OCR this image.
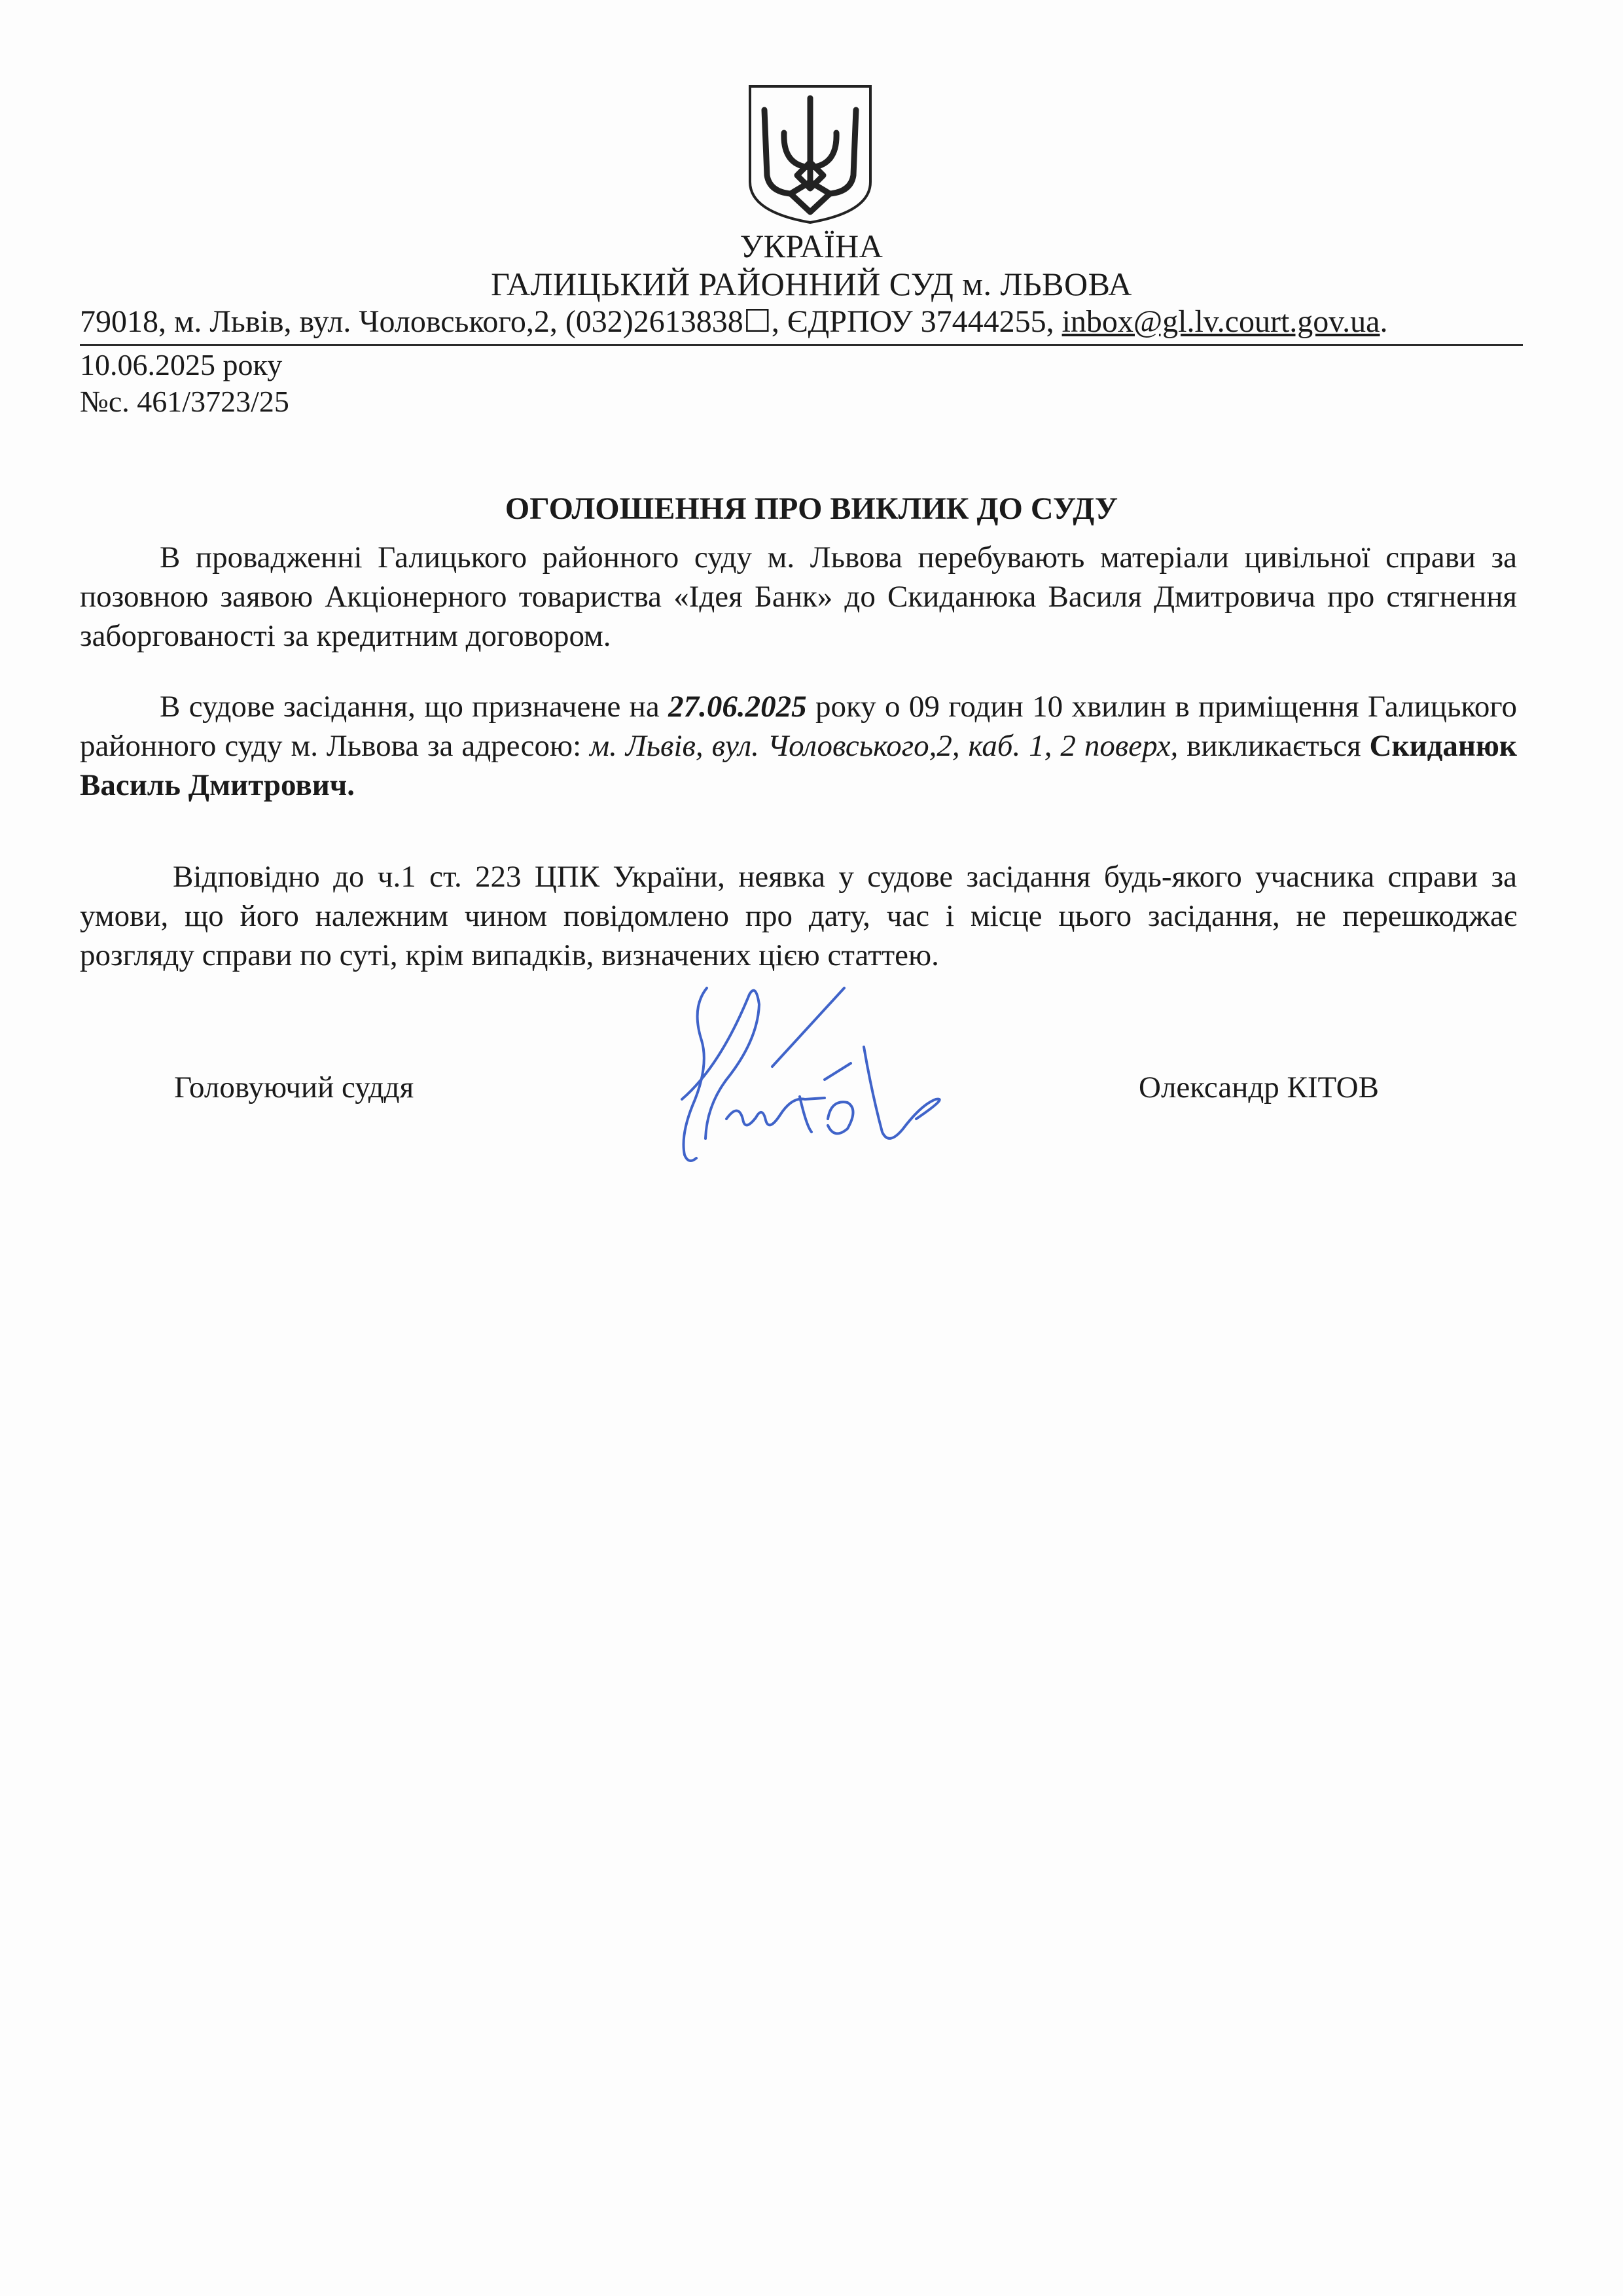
УКРАЇНА
ГАЛИЦЬКИЙ РАЙОННИЙ СУД м. ЛЬВОВА
79018, м. Львів, вул. Чоловського,2, (032)2613838☐, ЄДРПОУ 37444255, inbox@gl.lv.court.gov.ua.
10.06.2025 року
№с. 461/3723/25
ОГОЛОШЕННЯ ПРО ВИКЛИК ДО СУДУ

В провадженні Галицького районного суду м. Львова перебувають матеріали цивільної справи за позовною заявою Акціонерного товариства «Ідея Банк» до Скиданюка Василя Дмитровича про стягнення заборгованості за кредитним договором.

В судове засідання, що призначене на 27.06.2025 року о 09 годин 10 хвилин в приміщення Галицького районного суду м. Львова за адресою: м. Львів, вул. Чоловського,2, каб. 1, 2 поверх, викликається Скиданюк Василь Дмитрович.

Відповідно до ч.1 ст. 223 ЦПК України, неявка у судове засідання будь-якого учасника справи за умови, що його належним чином повідомлено про дату, час і місце цього засідання, не перешкоджає розгляду справи по суті, крім випадків, визначених цією статтею.

Головуючий суддя	Олександр КІТОВ
